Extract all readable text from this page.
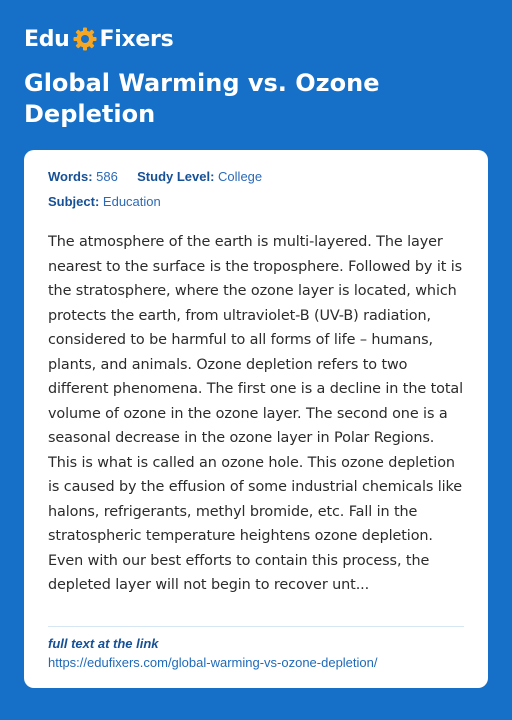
Edu Fixers
Global Warming vs. Ozone Depletion
Words: 586 Study Level: College
Subject: Education

The atmosphere of the earth is multi-layered. The layer nearest to the surface is the troposphere. Followed by it is the stratosphere, where the ozone layer is located, which protects the earth, from ultraviolet-B (UV-B) radiation, considered to be harmful to all forms of life – humans, plants, and animals. Ozone depletion refers to two different phenomena. The first one is a decline in the total volume of ozone in the ozone layer. The second one is a seasonal decrease in the ozone layer in Polar Regions. This is what is called an ozone hole. This ozone depletion is caused by the effusion of some industrial chemicals like halons, refrigerants, methyl bromide, etc. Fall in the stratospheric temperature heightens ozone depletion. Even with our best efforts to contain this process, the depleted layer will not begin to recover unt...

full text at the link
https://edufixers.com/global-warming-vs-ozone-depletion/
